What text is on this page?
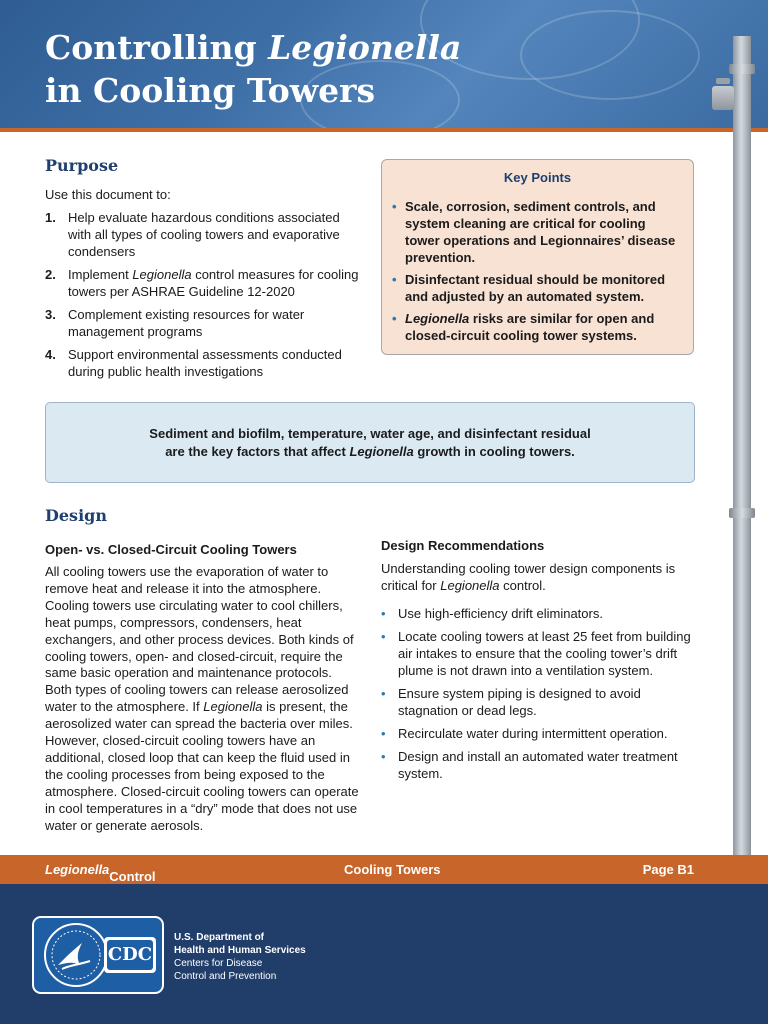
Controlling Legionella
in Cooling Towers
Purpose
Use this document to:
1. Help evaluate hazardous conditions associated with all types of cooling towers and evaporative condensers
2. Implement Legionella control measures for cooling towers per ASHRAE Guideline 12-2020
3. Complement existing resources for water management programs
4. Support environmental assessments conducted during public health investigations
Key Points
• Scale, corrosion, sediment controls, and system cleaning are critical for cooling tower operations and Legionnaires’ disease prevention.
• Disinfectant residual should be monitored and adjusted by an automated system.
• Legionella risks are similar for open and closed-circuit cooling tower systems.
Sediment and biofilm, temperature, water age, and disinfectant residual
are the key factors that affect Legionella growth in cooling towers.
Design
Open- vs. Closed-Circuit Cooling Towers
All cooling towers use the evaporation of water to remove heat and release it into the atmosphere. Cooling towers use circulating water to cool chillers, heat pumps, compressors, condensers, heat exchangers, and other process devices. Both kinds of cooling towers, open- and closed-circuit, require the same basic operation and maintenance protocols. Both types of cooling towers can release aerosolized water to the atmosphere. If Legionella is present, the aerosolized water can spread the bacteria over miles. However, closed-circuit cooling towers have an additional, closed loop that can keep the fluid used in the cooling processes from being exposed to the atmosphere. Closed-circuit cooling towers can operate in cool temperatures in a “dry” mode that does not use water or generate aerosols.
Design Recommendations
Understanding cooling tower design components is critical for Legionella control.
• Use high-efficiency drift eliminators.
• Locate cooling towers at least 25 feet from building air intakes to ensure that the cooling tower’s drift plume is not drawn into a ventilation system.
• Ensure system piping is designed to avoid stagnation or dead legs.
• Recirculate water during intermittent operation.
• Design and install an automated water treatment system.
Legionella Control	Cooling Towers	Page B1
CDC
U.S. Department of
Health and Human Services
Centers for Disease
Control and Prevention
